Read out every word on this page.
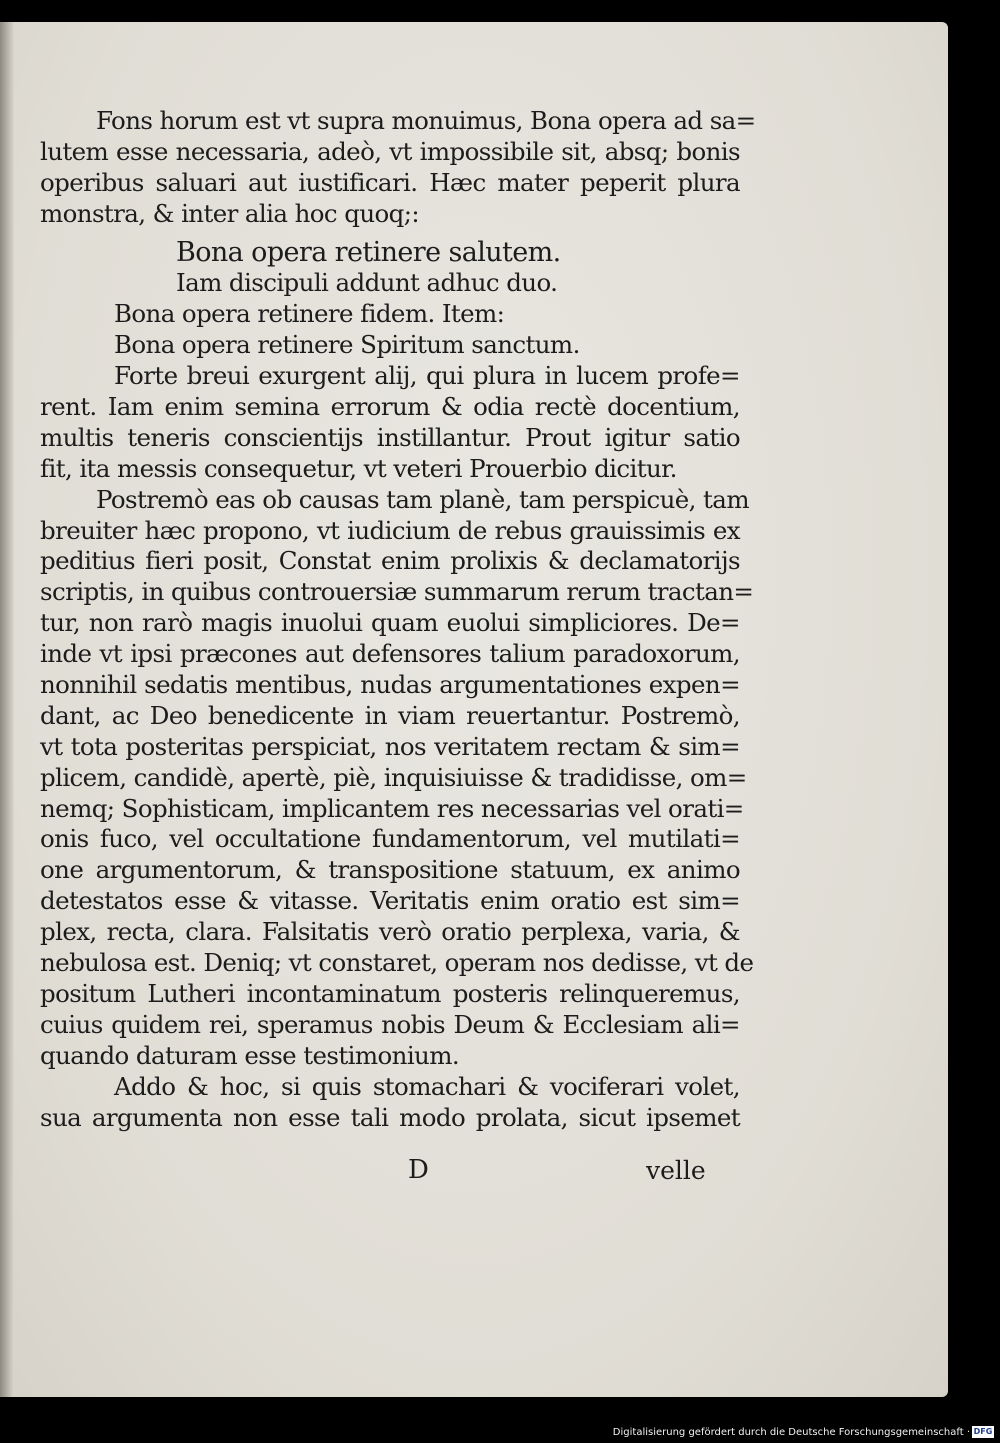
Fons horum est vt supra monuimus, Bona opera ad sa=
lutem esse necessaria, adeò, vt impossibile sit, absq; bonis
operibus saluari aut iustificari. Hæc mater peperit plura
monstra, & inter alia hoc quoq;:
Bona opera retinere salutem.
Iam discipuli addunt adhuc duo.
Bona opera retinere fidem. Item:
Bona opera retinere Spiritum sanctum.
Forte breui exurgent alij, qui plura in lucem profe=
rent. Iam enim semina errorum & odia rectè docentium,
multis teneris conscientijs instillantur. Prout igitur satio
fit, ita messis consequetur, vt veteri Prouerbio dicitur.
Postremò eas ob causas tam planè, tam perspicuè, tam
breuiter hæc propono, vt iudicium de rebus grauissimis ex
peditius fieri posit, Constat enim prolixis & declamatorijs
scriptis, in quibus controuersiæ summarum rerum tractan=
tur, non rarò magis inuolui quam euolui simpliciores. De=
inde vt ipsi præcones aut defensores talium paradoxorum,
nonnihil sedatis mentibus, nudas argumentationes expen=
dant, ac Deo benedicente in viam reuertantur. Postremò,
vt tota posteritas perspiciat, nos veritatem rectam & sim=
plicem, candidè, apertè, piè, inquisiuisse & tradidisse, om=
nemq; Sophisticam, implicantem res necessarias vel orati=
onis fuco, vel occultatione fundamentorum, vel mutilati=
one argumentorum, & transpositione statuum, ex animo
detestatos esse & vitasse. Veritatis enim oratio est sim=
plex, recta, clara. Falsitatis verò oratio perplexa, varia, &
nebulosa est. Deniq; vt constaret, operam nos dedisse, vt de
positum Lutheri incontaminatum posteris relinqueremus,
cuius quidem rei, speramus nobis Deum & Ecclesiam ali=
quando daturam esse testimonium.
Addo & hoc, si quis stomachari & vociferari volet,
sua argumenta non esse tali modo prolata, sicut ipsemet
D	velle
Digitalisierung gefördert durch die Deutsche Forschungsgemeinschaft · DFG
